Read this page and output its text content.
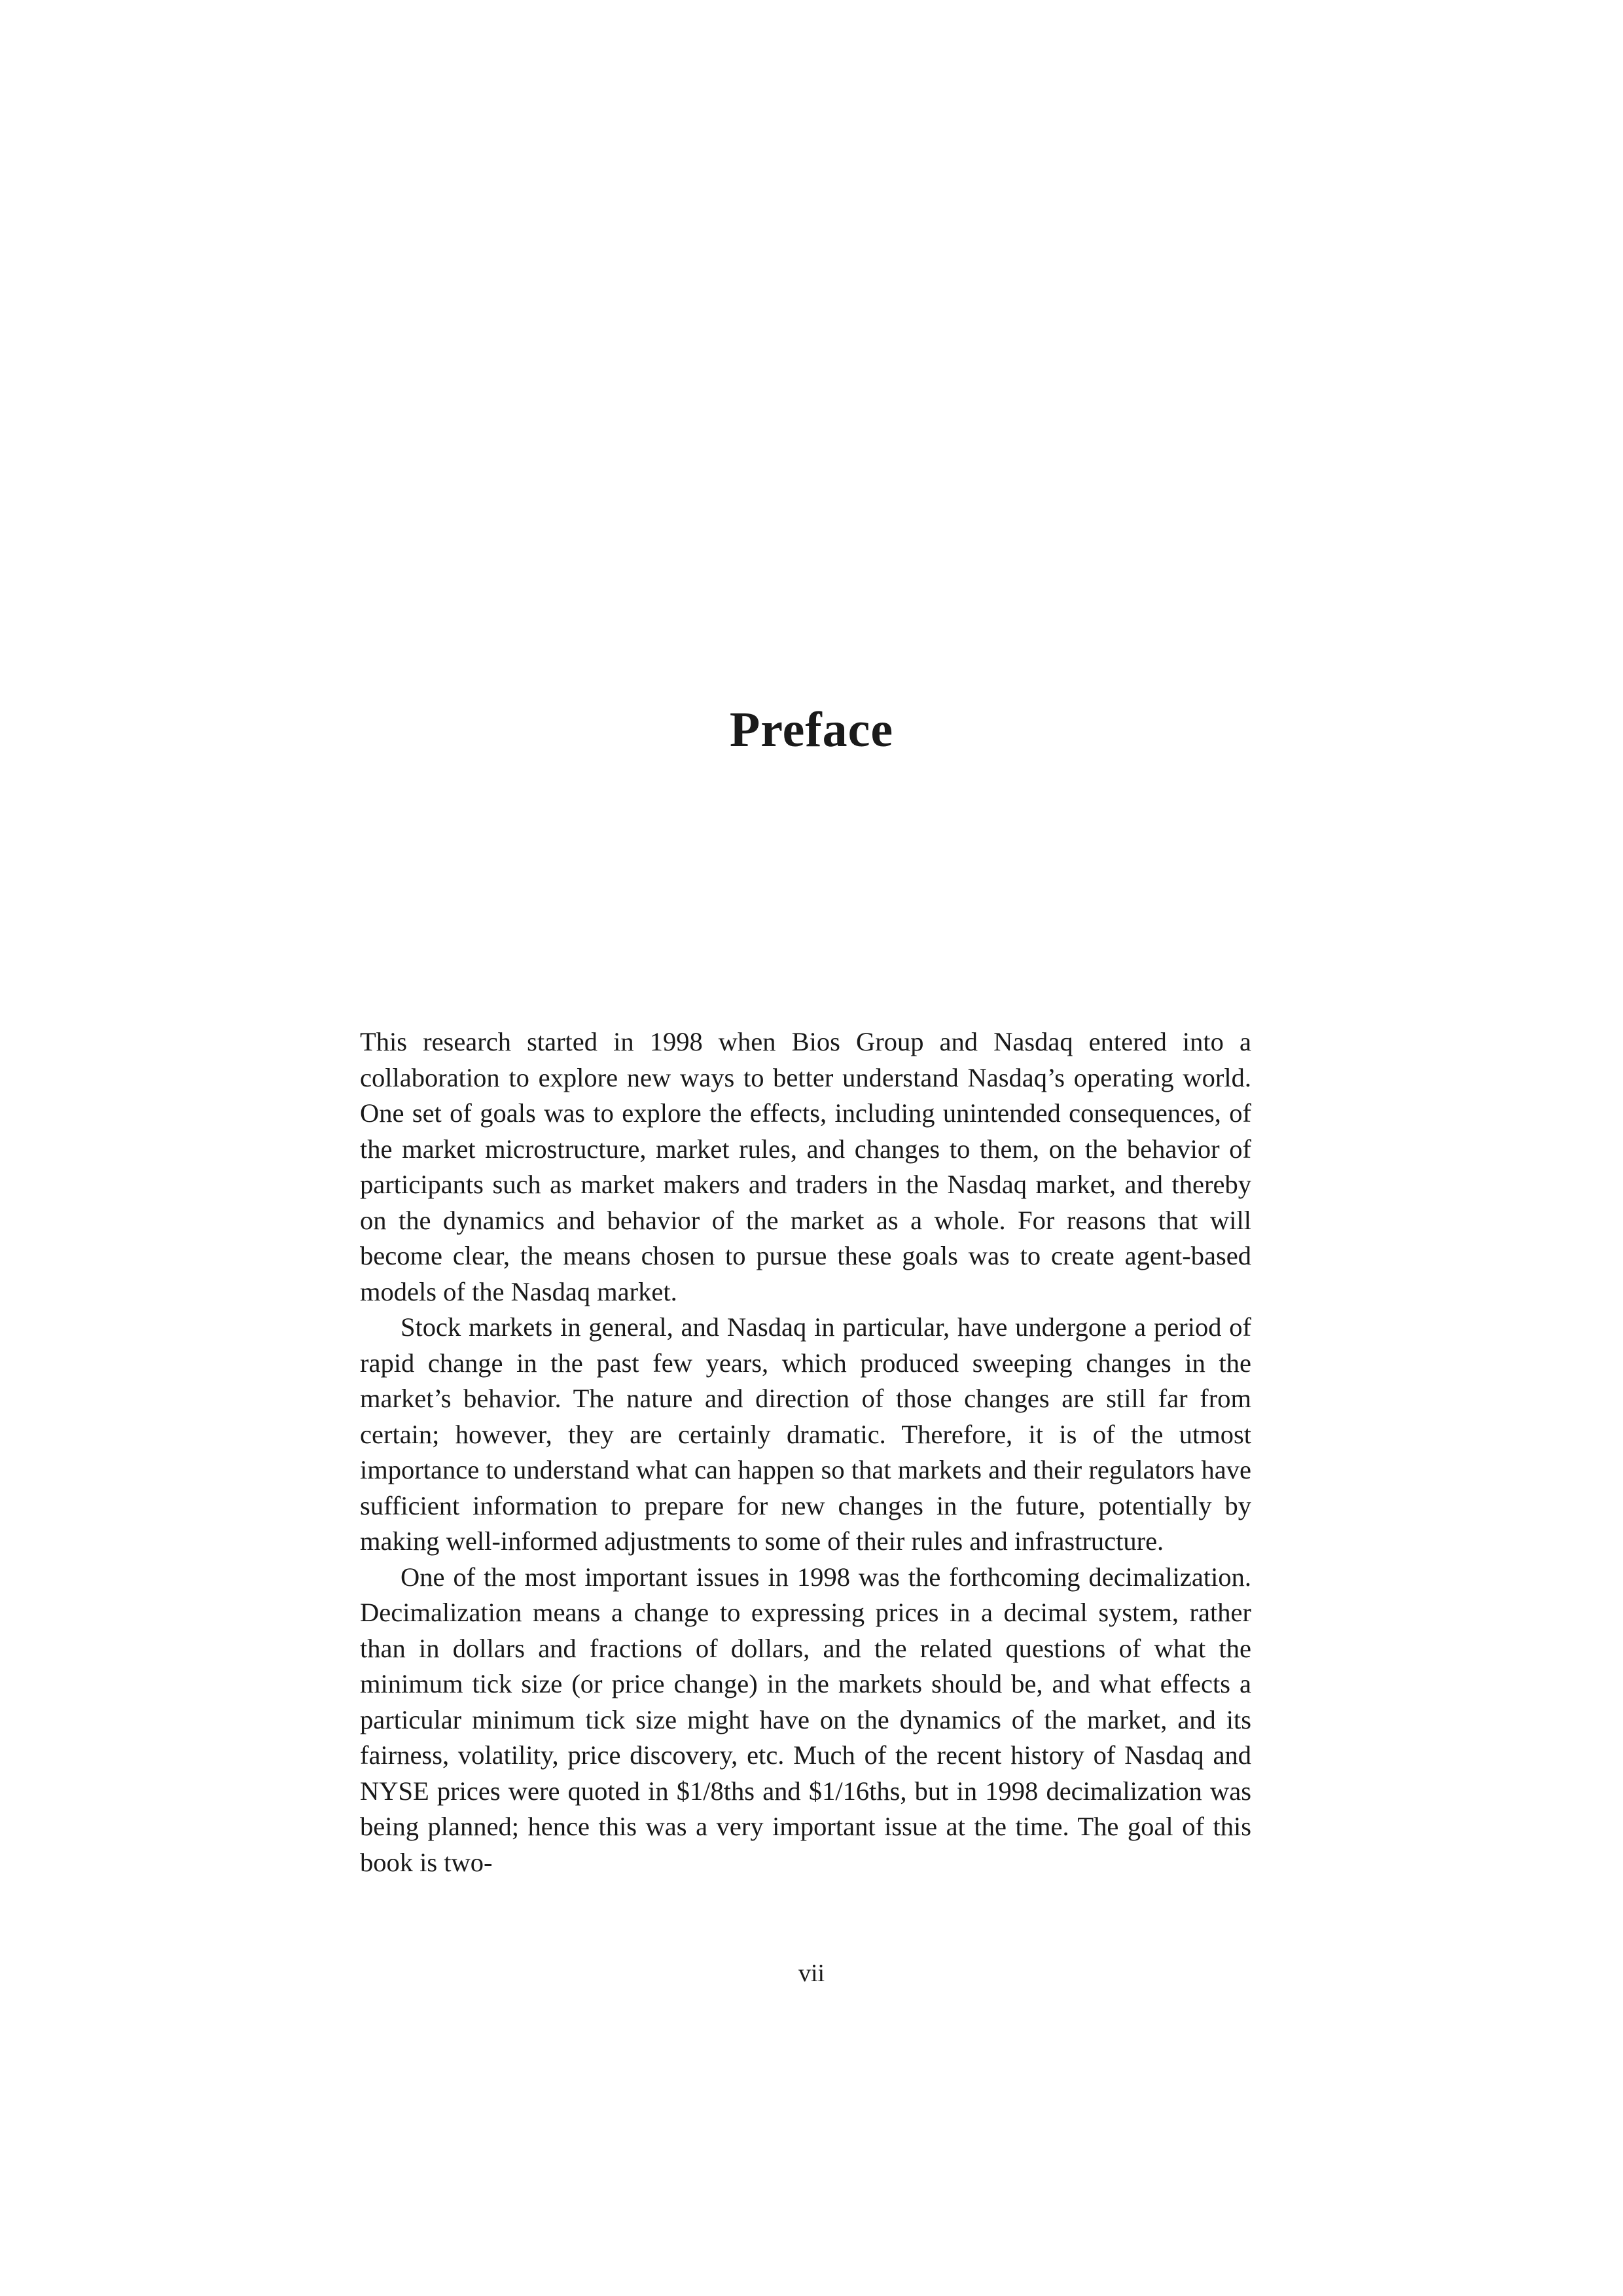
Preface

This research started in 1998 when Bios Group and Nasdaq entered into a collaboration to explore new ways to better understand Nasdaq’s operating world. One set of goals was to explore the effects, including unintended consequences, of the market microstructure, market rules, and changes to them, on the behavior of participants such as market makers and traders in the Nasdaq market, and thereby on the dynamics and behavior of the market as a whole. For reasons that will become clear, the means chosen to pursue these goals was to create agent-based models of the Nasdaq market.

Stock markets in general, and Nasdaq in particular, have undergone a period of rapid change in the past few years, which produced sweeping changes in the market’s behavior. The nature and direction of those changes are still far from certain; however, they are certainly dramatic. Therefore, it is of the utmost importance to understand what can happen so that markets and their regulators have sufficient information to prepare for new changes in the future, potentially by making well-informed adjustments to some of their rules and infrastructure.

One of the most important issues in 1998 was the forthcoming decimalization. Decimalization means a change to expressing prices in a decimal system, rather than in dollars and fractions of dollars, and the related questions of what the minimum tick size (or price change) in the markets should be, and what effects a particular minimum tick size might have on the dynamics of the market, and its fairness, volatility, price discovery, etc. Much of the recent history of Nasdaq and NYSE prices were quoted in $1/8ths and $1/16ths, but in 1998 decimalization was being planned; hence this was a very important issue at the time. The goal of this book is two-

vii
